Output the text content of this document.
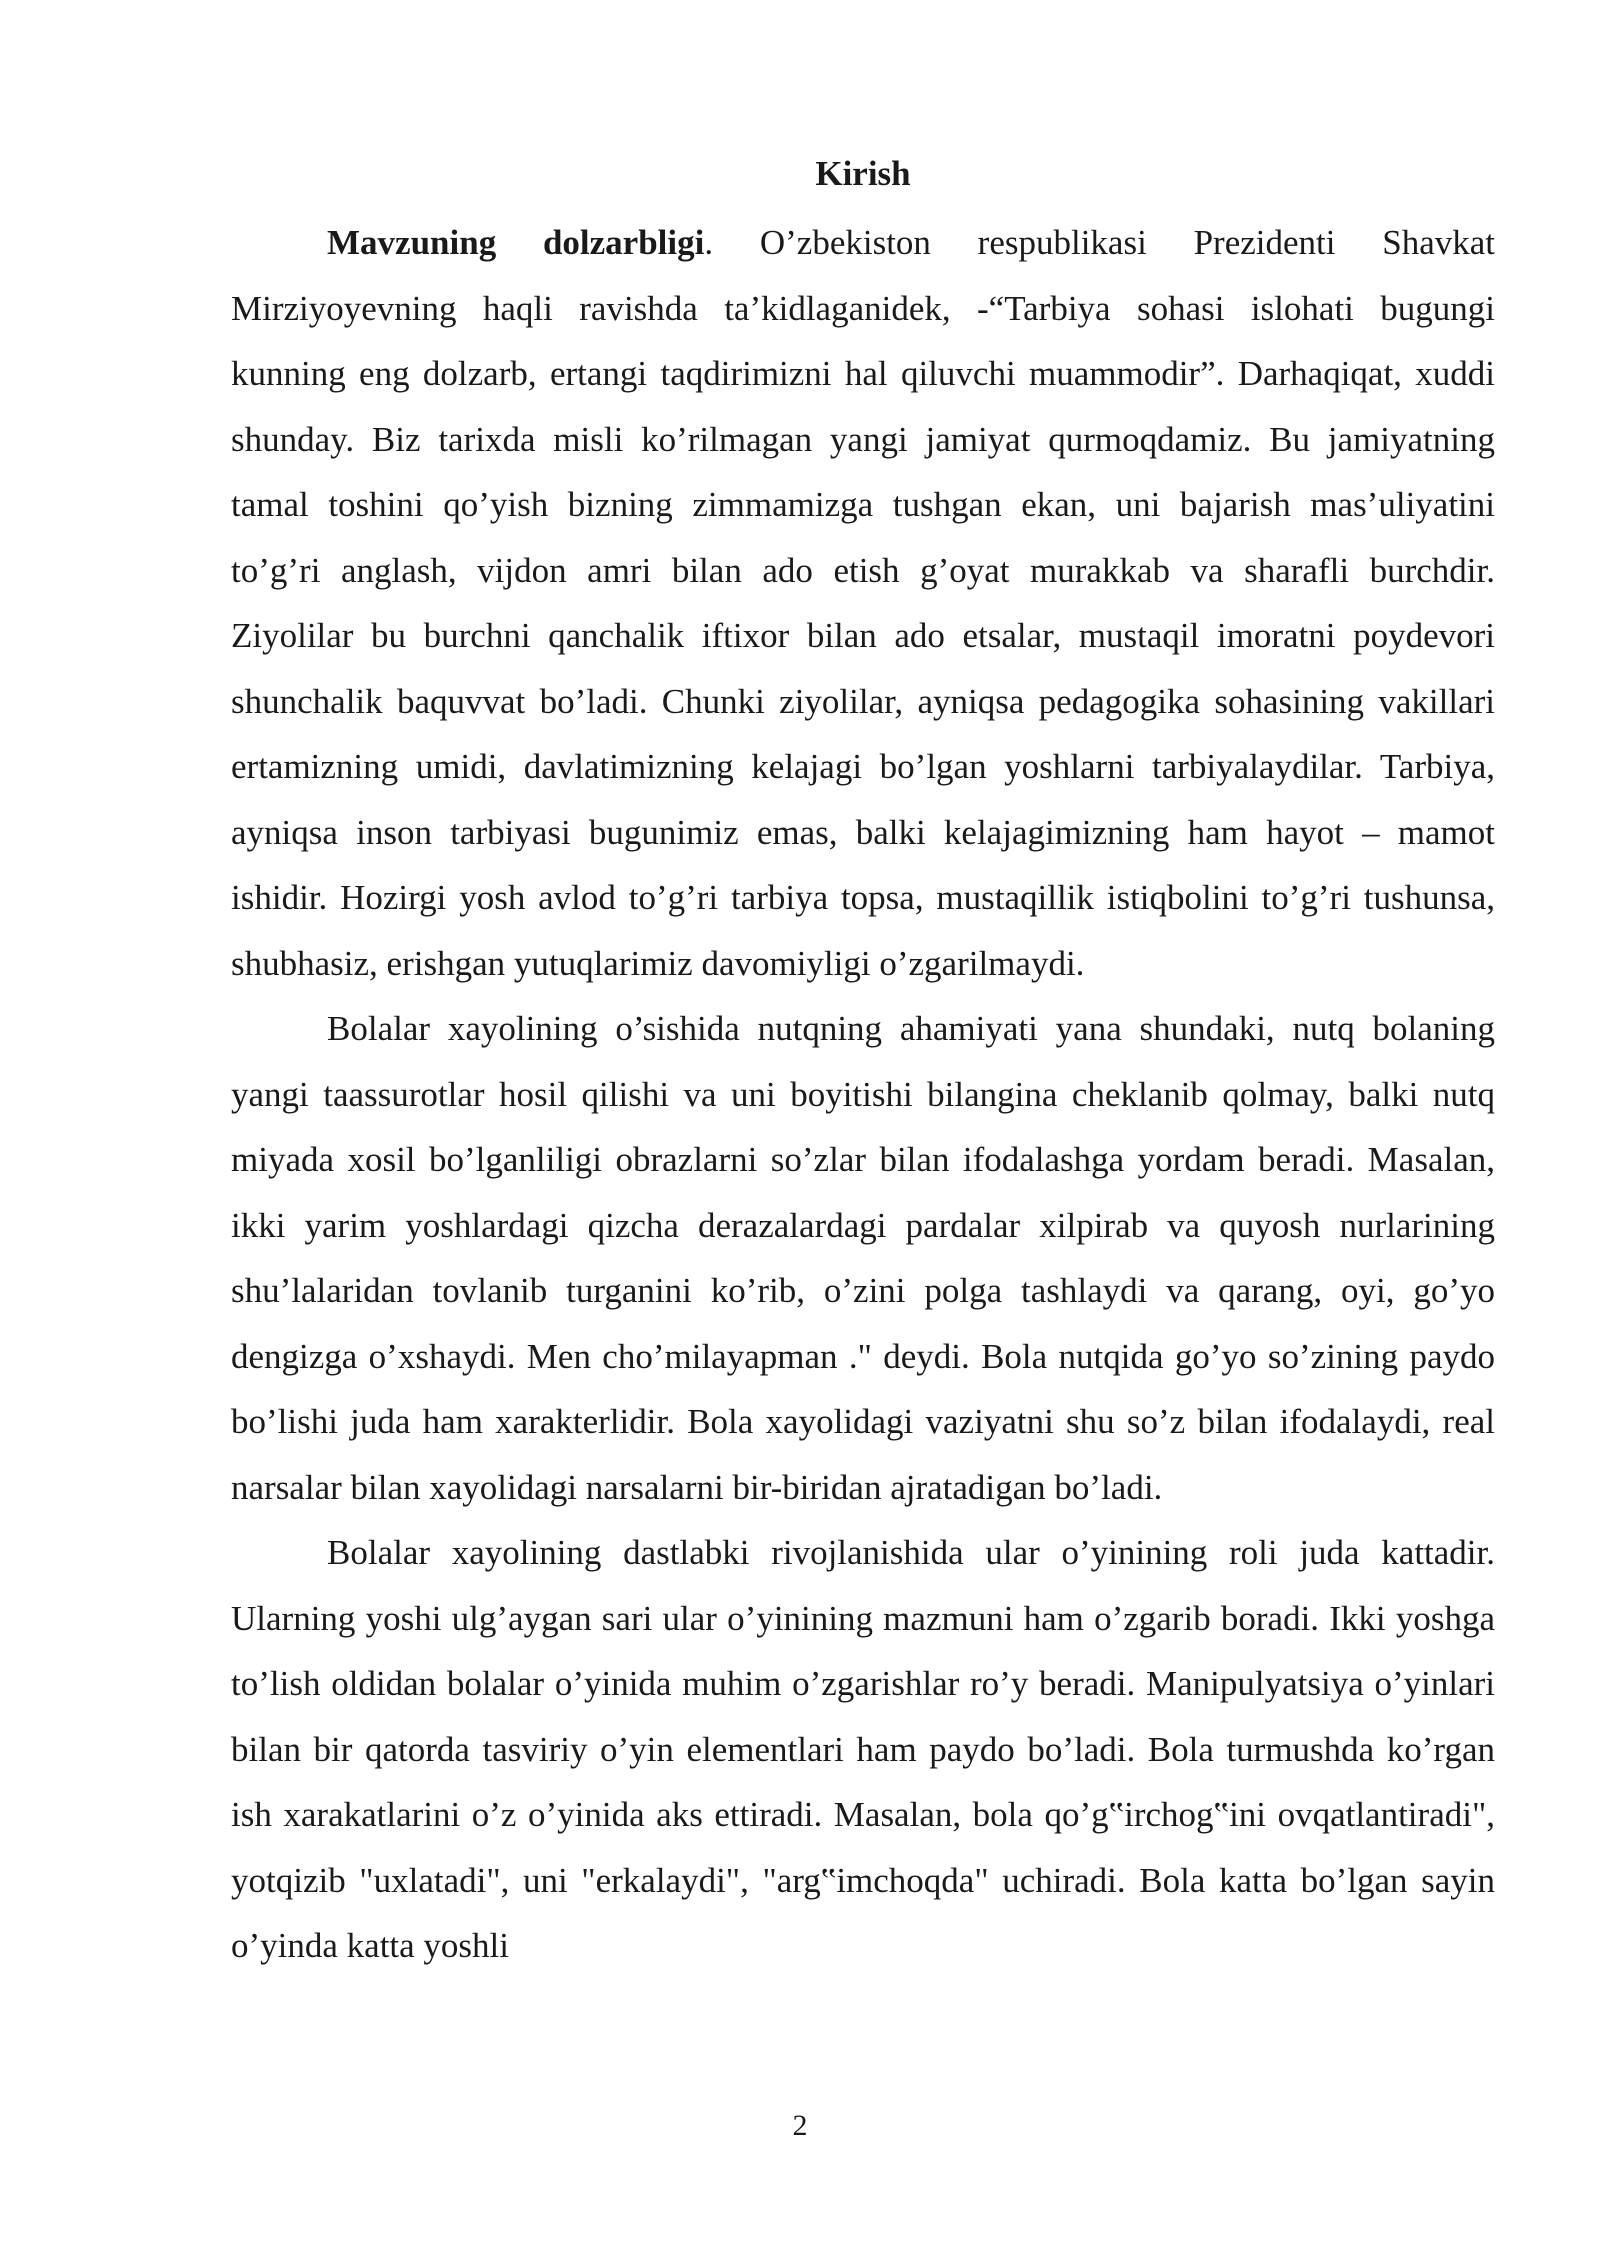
Kirish

Mavzuning dolzarbligi. O’zbekiston respublikasi Prezidenti Shavkat Mirziyoyevning haqli ravishda ta’kidlaganidek, -“Tarbiya sohasi islohati bugungi kunning eng dolzarb, ertangi taqdirimizni hal qiluvchi muammodir”. Darhaqiqat, xuddi shunday. Biz tarixda misli ko’rilmagan yangi jamiyat qurmoqdamiz. Bu jamiyatning tamal toshini qo’yish bizning zimmamizga tushgan ekan, uni bajarish mas’uliyatini to’g’ri anglash, vijdon amri bilan ado etish g’oyat murakkab va sharafli burchdir. Ziyolilar bu burchni qanchalik iftixor bilan ado etsalar, mustaqil imoratni poydevori shunchalik baquvvat bo’ladi. Chunki ziyolilar, ayniqsa pedagogika sohasining vakillari ertamizning umidi, davlatimizning kelajagi bo’lgan yoshlarni tarbiyalaydilar. Tarbiya, ayniqsa inson tarbiyasi bugunimiz emas, balki kelajagimizning ham hayot – mamot ishidir. Hozirgi yosh avlod to’g’ri tarbiya topsa, mustaqillik istiqbolini to’g’ri tushunsa, shubhasiz, erishgan yutuqlarimiz davomiyligi o’zgarilmaydi.

Bolalar xayolining o’sishida nutqning ahamiyati yana shundaki, nutq bolaning yangi taassurotlar hosil qilishi va uni boyitishi bilangina cheklanib qolmay, balki nutq miyada xosil bo’lganliligi obrazlarni so’zlar bilan ifodalashga yordam beradi. Masalan, ikki yarim yoshlardagi qizcha derazalardagi pardalar xilpirab va quyosh nurlarining shu’lalaridan tovlanib turganini ko’rib, o’zini polga tashlaydi va qarang, oyi, go’yo dengizga o’xshaydi. Men cho’milayapman ." deydi. Bola nutqida go’yo so’zining paydo bo’lishi juda ham xarakterlidir. Bola xayolidagi vaziyatni shu so’z bilan ifodalaydi, real narsalar bilan xayolidagi narsalarni bir-biridan ajratadigan bo’ladi.

Bolalar xayolining dastlabki rivojlanishida ular o’yinining roli juda kattadir. Ularning yoshi ulg’aygan sari ular o’yinining mazmuni ham o’zgarib boradi. Ikki yoshga to’lish oldidan bolalar o’yinida muhim o’zgarishlar ro’y beradi. Manipulyatsiya o’yinlari bilan bir qatorda tasviriy o’yin elementlari ham paydo bo’ladi. Bola turmushda ko’rgan ish xarakatlarini o’z o’yinida aks ettiradi. Masalan, bola qo’g‟irchog‟ini ovqatlantiradi", yotqizib "uxlatadi", uni "erkalaydi", "arg‟imchoqda" uchiradi. Bola katta bo’lgan sayin o’yinda katta yoshli

2
